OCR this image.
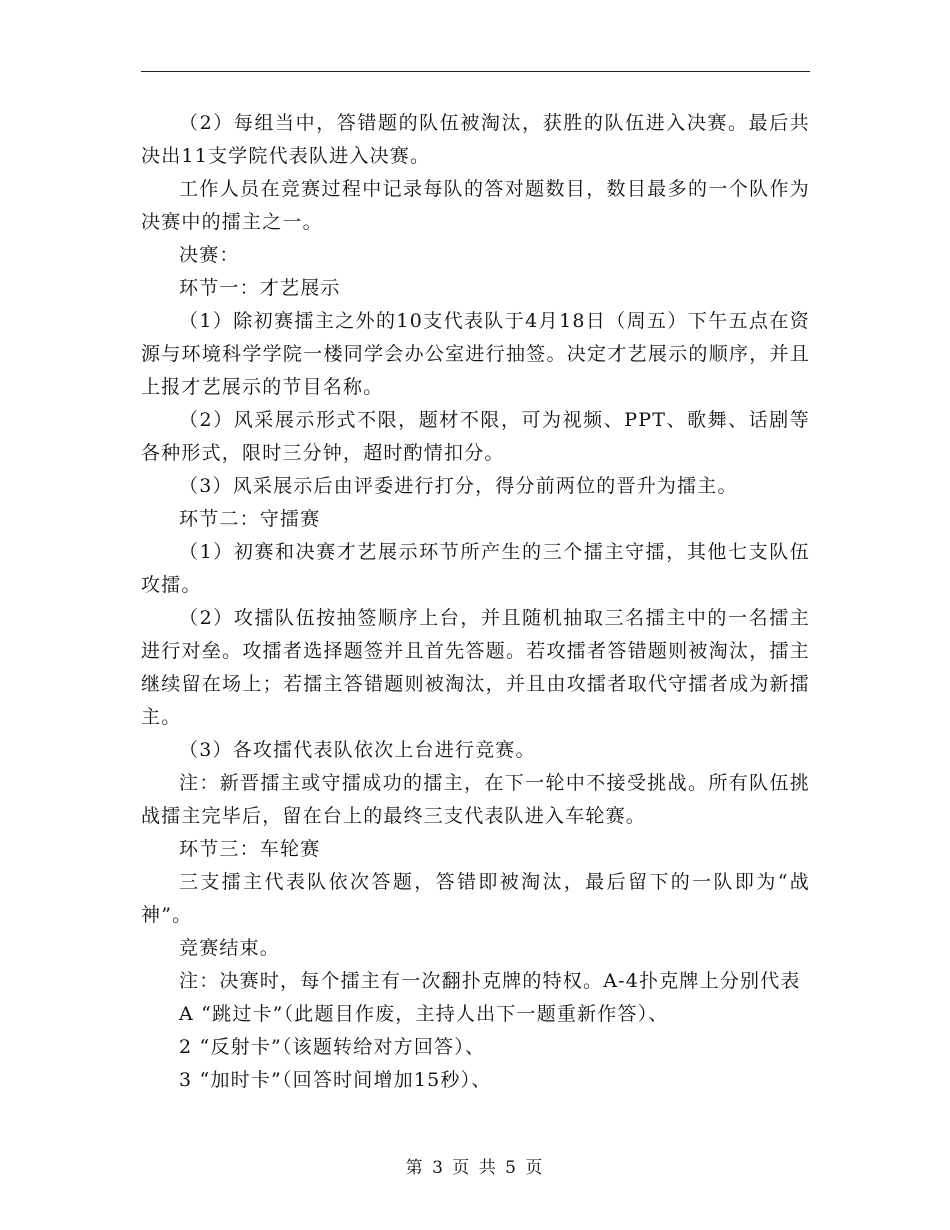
（2）每组当中，答错题的队伍被淘汰，获胜的队伍进入决赛。最后共决出11支学院代表队进入决赛。

工作人员在竞赛过程中记录每队的答对题数目，数目最多的一个队作为决赛中的擂主之一。

决赛：

环节一：才艺展示

（1）除初赛擂主之外的10支代表队于4月18日（周五）下午五点在资源与环境科学学院一楼同学会办公室进行抽签。决定才艺展示的顺序，并且上报才艺展示的节目名称。

（2）风采展示形式不限，题材不限，可为视频、PPT、歌舞、话剧等各种形式，限时三分钟，超时酌情扣分。

（3）风采展示后由评委进行打分，得分前两位的晋升为擂主。

环节二：守擂赛

（1）初赛和决赛才艺展示环节所产生的三个擂主守擂，其他七支队伍攻擂。

（2）攻擂队伍按抽签顺序上台，并且随机抽取三名擂主中的一名擂主进行对垒。攻擂者选择题签并且首先答题。若攻擂者答错题则被淘汰，擂主继续留在场上；若擂主答错题则被淘汰，并且由攻擂者取代守擂者成为新擂主。

（3）各攻擂代表队依次上台进行竞赛。

注：新晋擂主或守擂成功的擂主，在下一轮中不接受挑战。所有队伍挑战擂主完毕后，留在台上的最终三支代表队进入车轮赛。

环节三：车轮赛

三支擂主代表队依次答题，答错即被淘汰，最后留下的一队即为“战神”。

竞赛结束。

注：决赛时，每个擂主有一次翻扑克牌的特权。A-4扑克牌上分别代表

A “跳过卡”（此题目作废，主持人出下一题重新作答）、

2 “反射卡”（该题转给对方回答）、

3 “加时卡”（回答时间增加15秒）、

第 3 页 共 5 页
